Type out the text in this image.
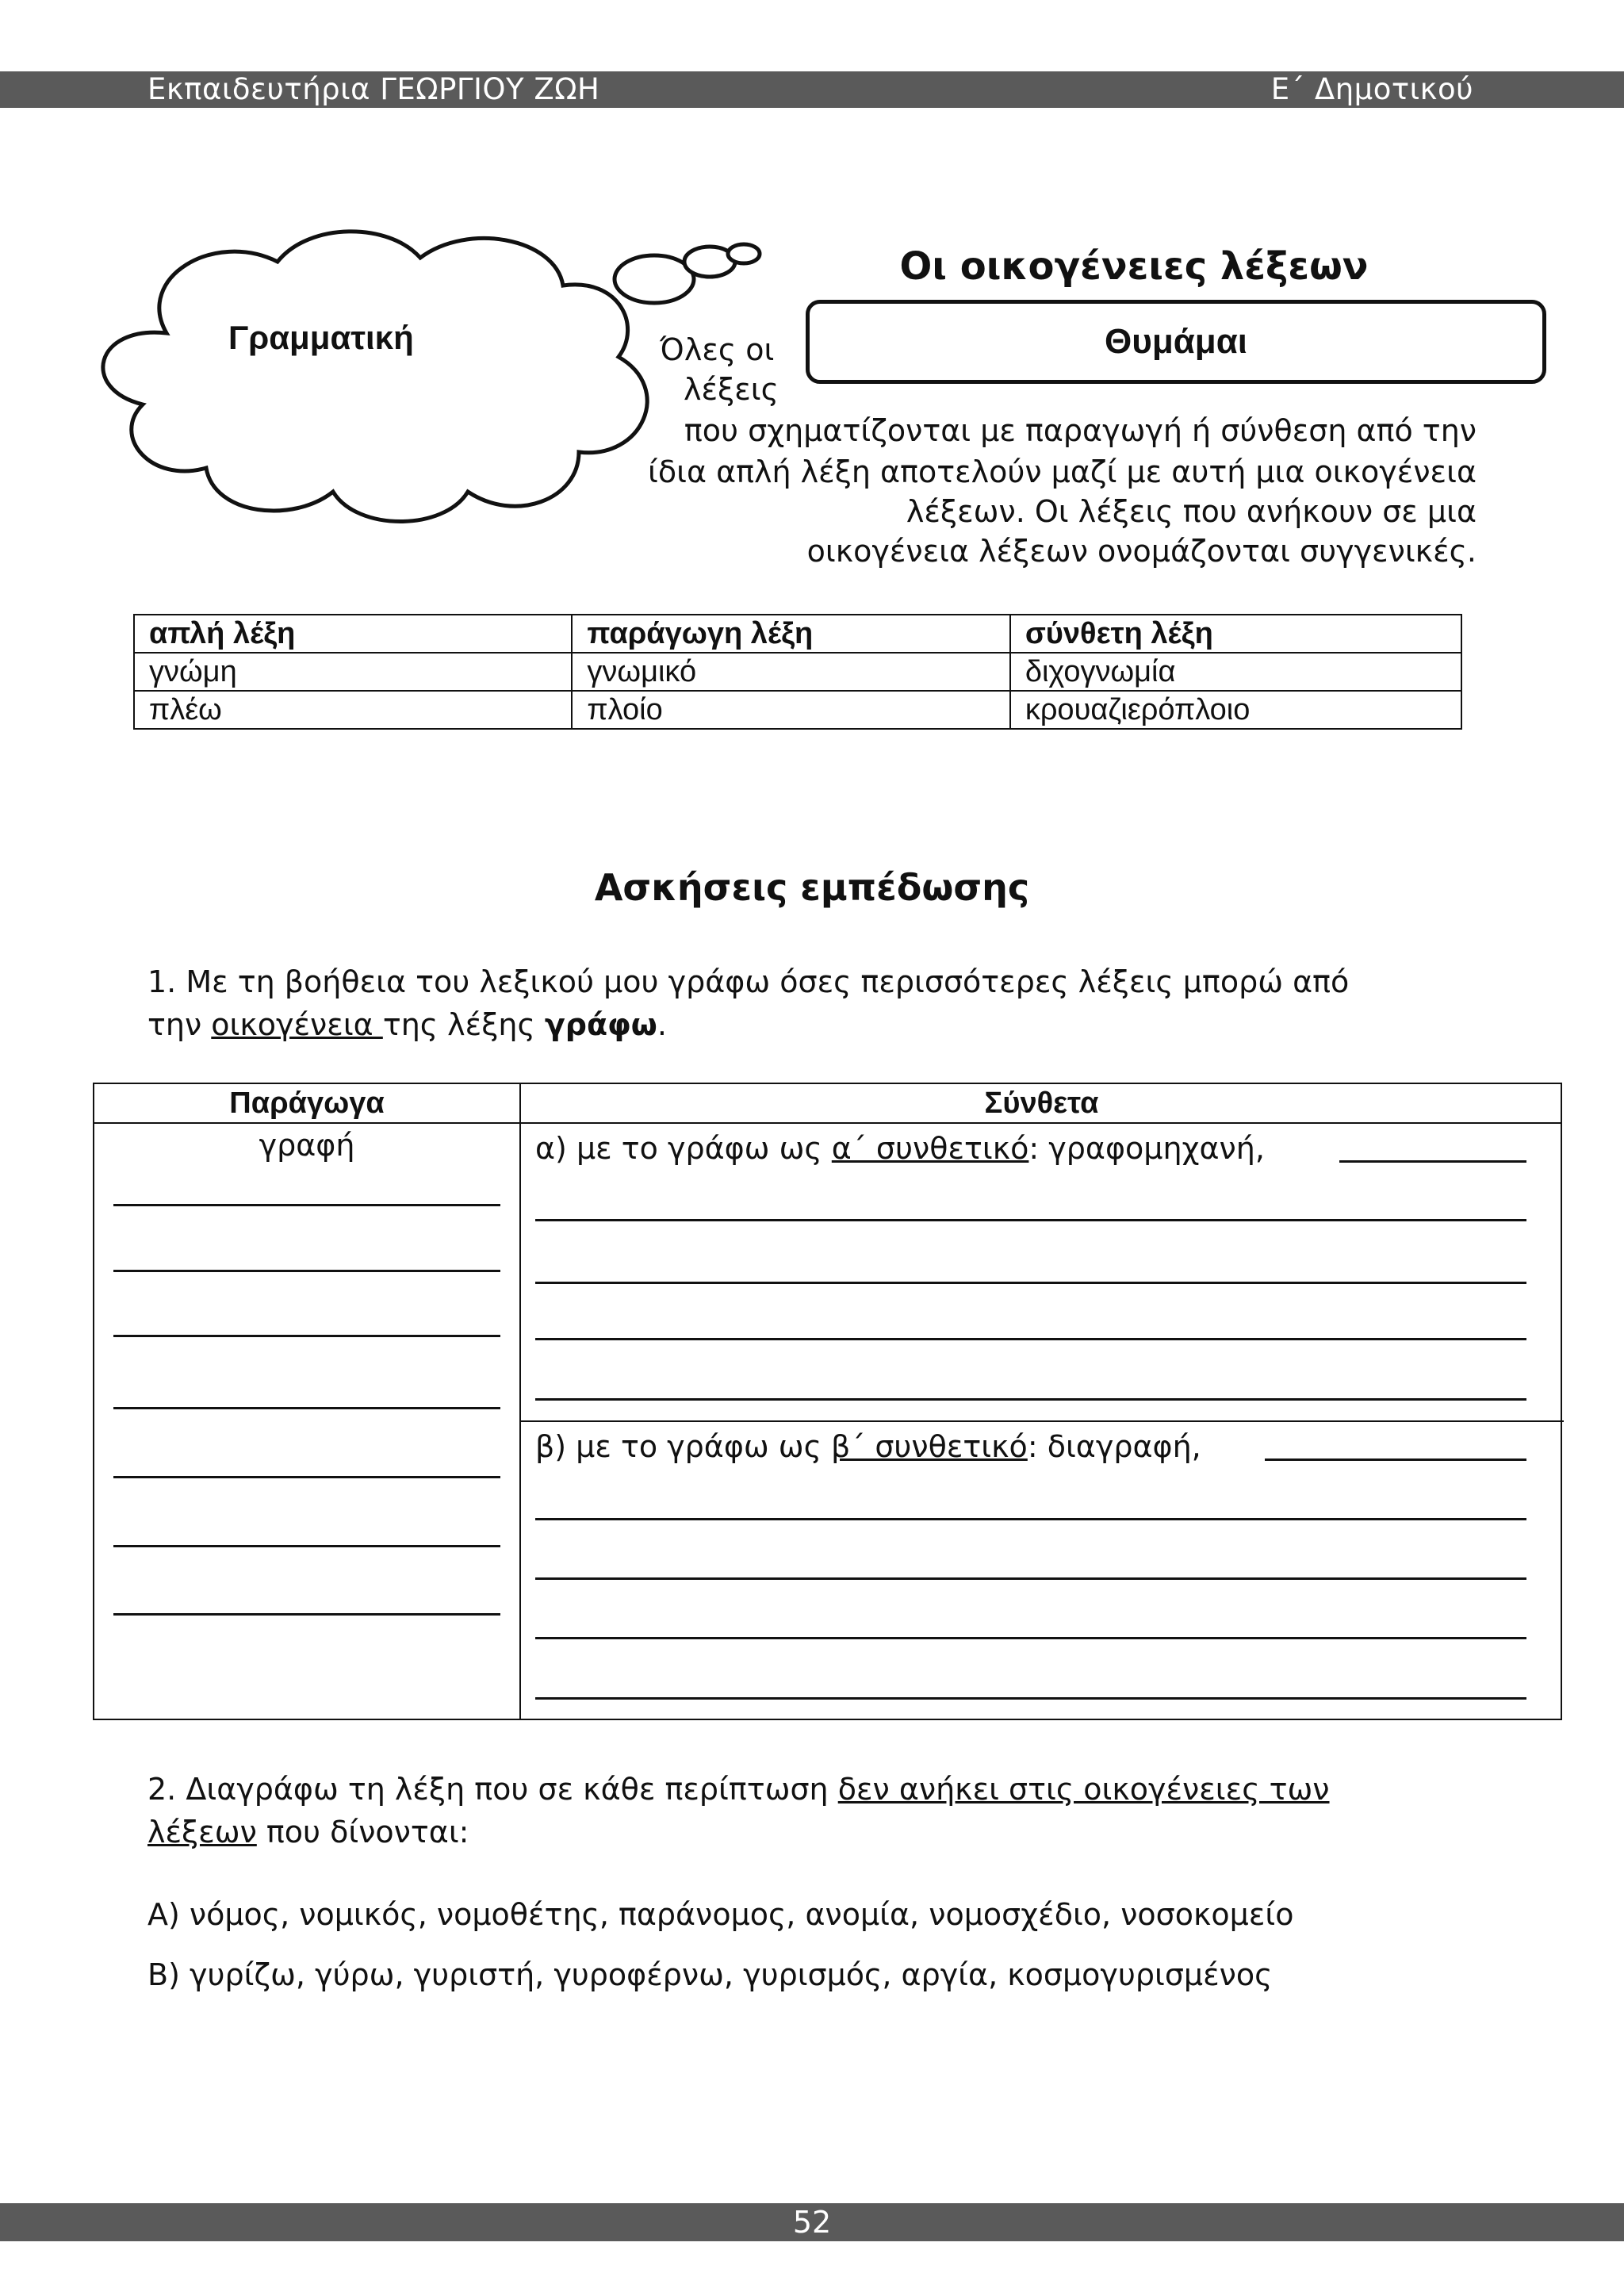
Εκπαιδευτήρια ΓΕΩΡΓΙΟΥ ΖΩΗ	Ε΄ Δημοτικού
Γραμματική
Οι οικογένειες λέξεων
Θυμάμαι
Όλες οι
λέξεις
που σχηματίζονται με παραγωγή ή σύνθεση από την
ίδια απλή λέξη αποτελούν μαζί με αυτή μια οικογένεια
λέξεων. Οι λέξεις που ανήκουν σε μια
οικογένεια λέξεων ονομάζονται συγγενικές.
απλή λέξη	παράγωγη λέξη	σύνθετη λέξη
γνώμη	γνωμικό	διχογνωμία
πλέω	πλοίο	κρουαζιερόπλοιο
Ασκήσεις εμπέδωσης
1. Με τη βοήθεια του λεξικού μου γράφω όσες περισσότερες λέξεις μπορώ από
την οικογένεια της λέξης γράφω.
Παράγωγα	Σύνθετα
γραφή	α) με το γράφω ως α΄ συνθετικό: γραφομηχανή,
β) με το γράφω ως β΄ συνθετικό: διαγραφή,
2. Διαγράφω τη λέξη που σε κάθε περίπτωση δεν ανήκει στις οικογένειες των
λέξεων που δίνονται:
Α) νόμος, νομικός, νομοθέτης, παράνομος, ανομία, νομοσχέδιο, νοσοκομείο
Β) γυρίζω, γύρω, γυριστή, γυροφέρνω, γυρισμός, αργία, κοσμογυρισμένος
52
